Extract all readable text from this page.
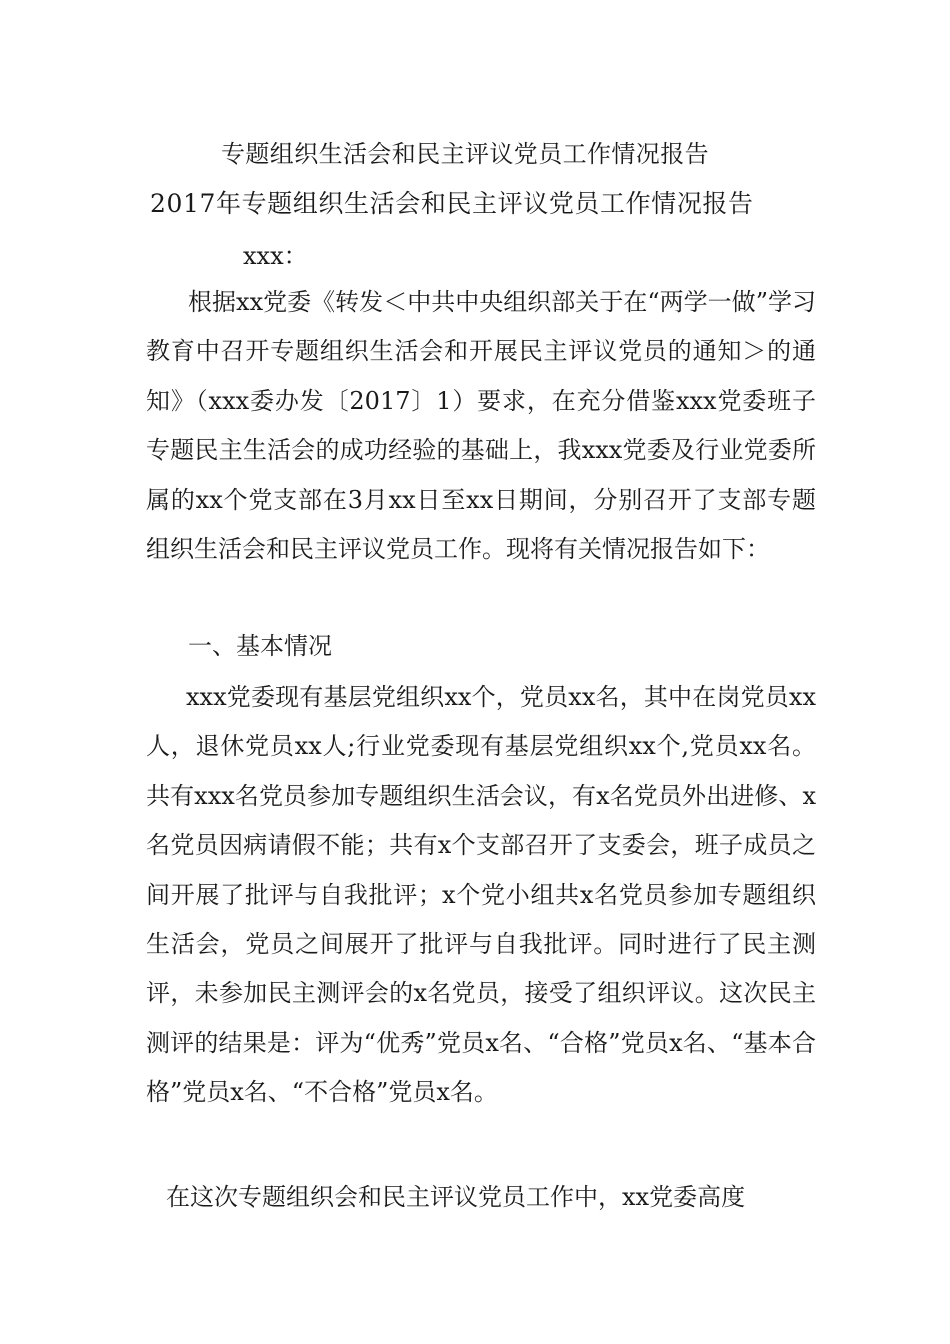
专题组织生活会和民主评议党员工作情况报告
2017年专题组织生活会和民主评议党员工作情况报告
xxx：

根据xx党委《转发＜中共中央组织部关于在“两学一做”学习教育中召开专题组织生活会和开展民主评议党员的通知＞的通知》（xxx委办发〔2017〕1）要求，在充分借鉴xxx党委班子专题民主生活会的成功经验的基础上，我xxx党委及行业党委所属的xx个党支部在3月xx日至xx日期间，分别召开了支部专题组织生活会和民主评议党员工作。现将有关情况报告如下：

一、基本情况

xxx党委现有基层党组织xx个，党员xx名，其中在岗党员xx人，退休党员xx人;行业党委现有基层党组织xx个,党员xx名。共有xxx名党员参加专题组织生活会议，有x名党员外出进修、x名党员因病请假不能；共有x个支部召开了支委会，班子成员之间开展了批评与自我批评；x个党小组共x名党员参加专题组织生活会，党员之间展开了批评与自我批评。同时进行了民主测评，未参加民主测评会的x名党员，接受了组织评议。这次民主测评的结果是：评为“优秀”党员x名、“合格”党员x名、“基本合格”党员x名、“不合格”党员x名。

在这次专题组织会和民主评议党员工作中，xx党委高度
